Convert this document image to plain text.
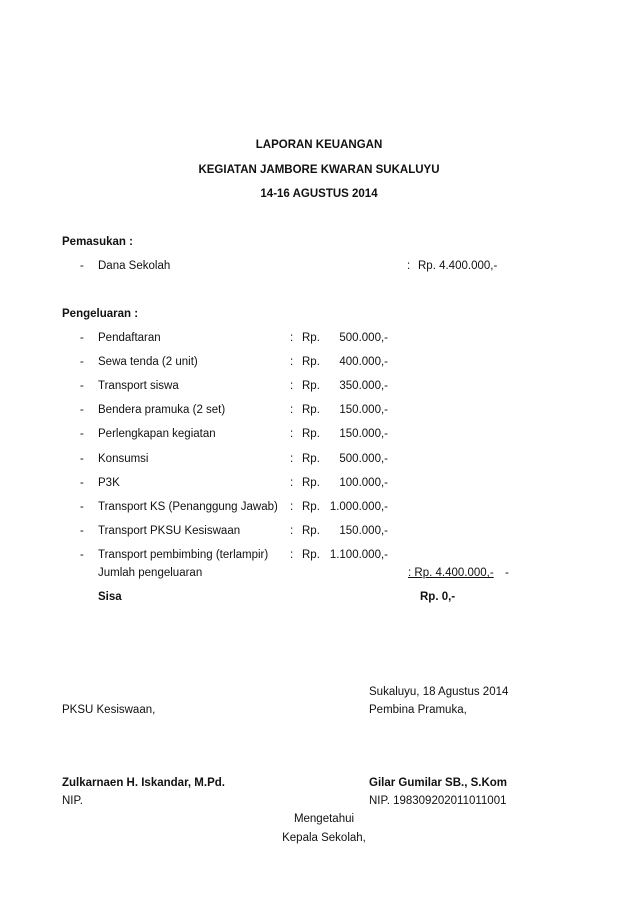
LAPORAN KEUANGAN
KEGIATAN JAMBORE KWARAN SUKALUYU
14-16 AGUSTUS 2014
Pemasukan :
- Dana Sekolah	: Rp. 4.400.000,-
Pengeluaran :
- Pendaftaran	: Rp.	500.000,-
- Sewa tenda (2 unit)	: Rp.	400.000,-
- Transport siswa	: Rp.	350.000,-
- Bendera pramuka (2 set)	: Rp.	150.000,-
- Perlengkapan kegiatan	: Rp.	150.000,-
- Konsumsi	: Rp.	500.000,-
- P3K	: Rp.	100.000,-
- Transport KS (Penanggung Jawab) : Rp. 1.000.000,-
- Transport PKSU Kesiswaan	: Rp.	150.000,-
- Transport pembimbing (terlampir) : Rp. 1.100.000,-
Jumlah pengeluaran	: Rp. 4.400.000,- -
Sisa	Rp. 0,-
Sukaluyu, 18 Agustus 2014
PKSU Kesiswaan,	Pembina Pramuka,
Zulkarnaen H. Iskandar, M.Pd.	Gilar Gumilar SB., S.Kom
NIP.	NIP. 198309202011011001
Mengetahui
Kepala Sekolah,
